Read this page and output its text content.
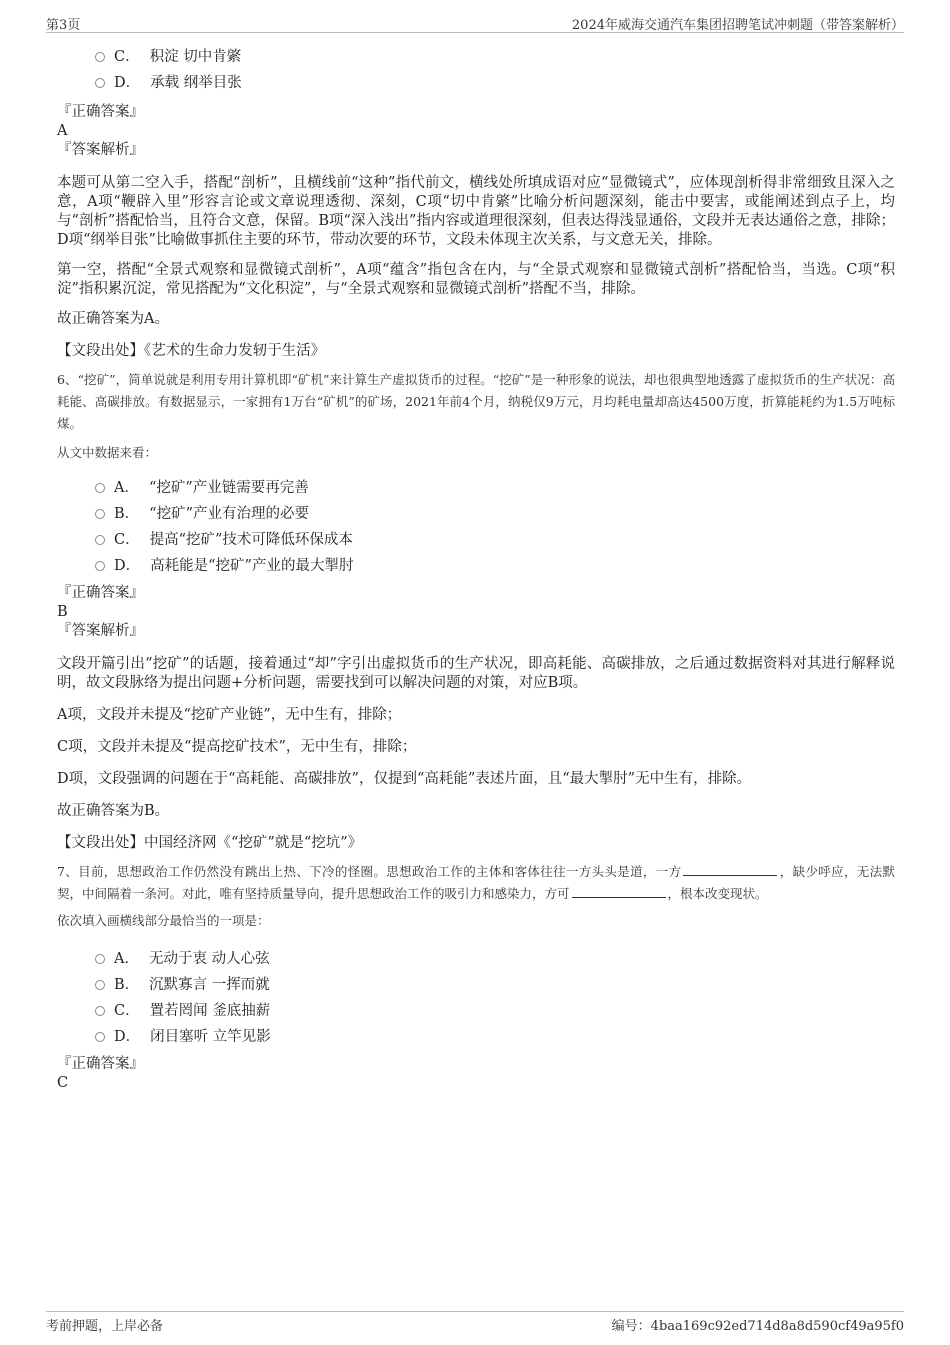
第3页	2024年威海交通汽车集团招聘笔试冲刺题（带答案解析）
C． 积淀 切中肯綮
D． 承载 纲举目张
『正确答案』
A
『答案解析』

本题可从第二空入手，搭配“剖析”，且横线前“这种”指代前文，横线处所填成语对应“显微镜式”，应体现剖析得非常细致且深入之意，A项“鞭辟入里”形容言论或文章说理透彻、深刻，C项“切中肯綮”比喻分析问题深刻，能击中要害，或能阐述到点子上，均与“剖析”搭配恰当，且符合文意，保留。B项“深入浅出”指内容或道理很深刻，但表达得浅显通俗，文段并无表达通俗之意，排除； D项“纲举目张”比喻做事抓住主要的环节，带动次要的环节，文段未体现主次关系，与文意无关，排除。

第一空，搭配“全景式观察和显微镜式剖析”，A项“蕴含”指包含在内，与“全景式观察和显微镜式剖析”搭配恰当，当选。C项“积淀”指积累沉淀，常见搭配为“文化积淀”，与“全景式观察和显微镜式剖析”搭配不当，排除。

故正确答案为A。

【文段出处】《艺术的生命力发轫于生活》

6、“挖矿”，简单说就是利用专用计算机即“矿机”来计算生产虚拟货币的过程。“挖矿”是一种形象的说法，却也很典型地透露了虚拟货币的生产状况：高耗能、高碳排放。有数据显示，一家拥有1万台“矿机”的矿场，2021年前4个月，纳税仅9万元，月均耗电量却高达4500万度，折算能耗约为1.5万吨标煤。

从文中数据来看：

A． “挖矿”产业链需要再完善
B． “挖矿”产业有治理的必要
C． 提高“挖矿”技术可降低环保成本
D． 高耗能是“挖矿”产业的最大掣肘
『正确答案』
B
『答案解析』

文段开篇引出“挖矿”的话题，接着通过“却”字引出虚拟货币的生产状况，即高耗能、高碳排放，之后通过数据资料对其进行解释说明，故文段脉络为提出问题+分析问题，需要找到可以解决问题的对策，对应B项。

A项，文段并未提及“挖矿产业链”，无中生有，排除；

C项，文段并未提及“提高挖矿技术”，无中生有，排除；

D项，文段强调的问题在于“高耗能、高碳排放”，仅提到“高耗能”表述片面，且“最大掣肘”无中生有，排除。

故正确答案为B。

【文段出处】中国经济网《“挖矿”就是“挖坑”》

7、目前，思想政治工作仍然没有跳出上热、下冷的怪圈。思想政治工作的主体和客体往往一方头头是道，一方	，缺少呼应，无法默契，中间隔着一条河。对此，唯有坚持质量导向，提升思想政治工作的吸引力和感染力，方可	，根本改变现状。

依次填入画横线部分最恰当的一项是：

A． 无动于衷 动人心弦
B． 沉默寡言 一挥而就
C． 置若罔闻 釜底抽薪
D． 闭目塞听 立竿见影
『正确答案』
C
考前押题，上岸必备	编号：4baa169c92ed714d8a8d590cf49a95f0
